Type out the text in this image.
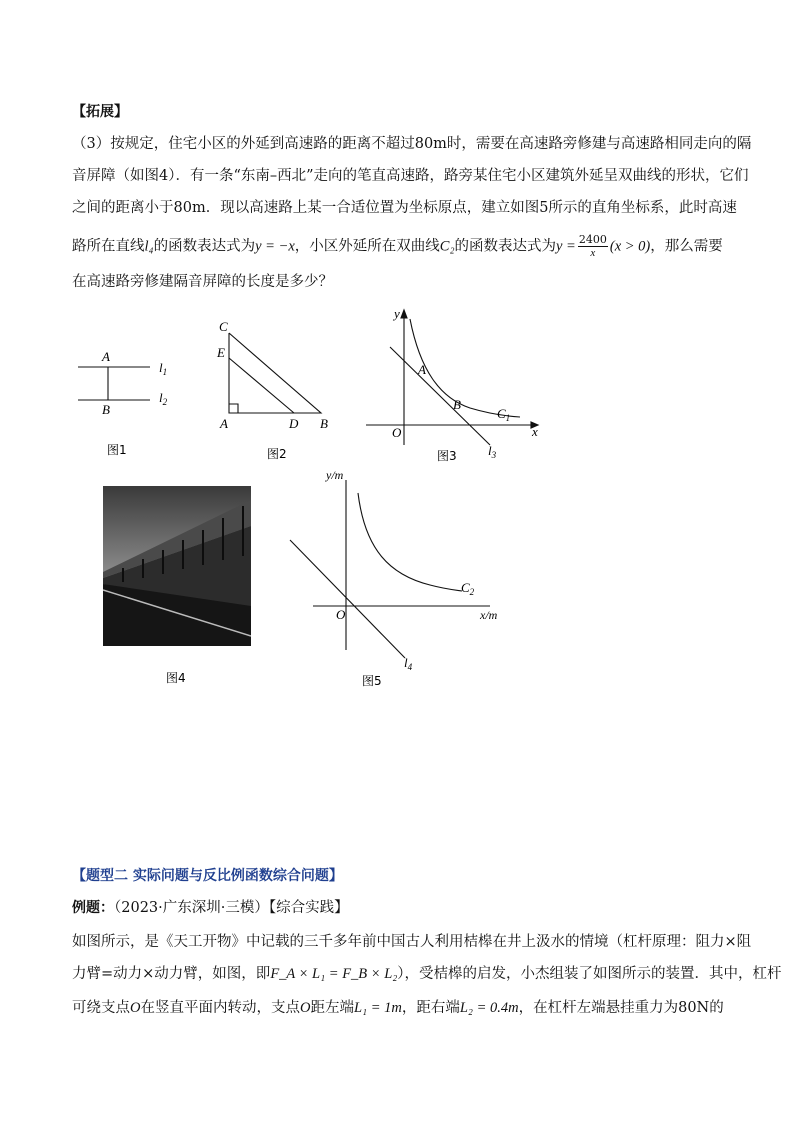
【拓展】
（3）按规定，住宅小区的外延到高速路的距离不超过80m时，需要在高速路旁修建与高速路相同走向的隔
音屏障（如图4）．有一条“东南–西北”走向的笔直高速路，路旁某住宅小区建筑外延呈双曲线的形状，它们
之间的距离小于80m．现以高速路上某一合适位置为坐标原点，建立如图5所示的直角坐标系，此时高速
路所在直线l₄的函数表达式为y = −x，小区外延所在双曲线C₂的函数表达式为$y = \frac{2400}{x} (x > 0)$，那么需要
在高速路旁修建隔音屏障的长度是多少？
A
B
$l_1$
$l_2$
图1
C
E
A	D B
图2
y
x
O
A
B
$C_1$
$l_3$
图3
y/m
x/m
O
$C_2$
$l_4$
图5
图4
【题型二 实际问题与反比例函数综合问题】
例题：（2023·广东深圳·三模）【综合实践】
如图所示，是《天工开物》中记载的三千多年前中国古人利用桔槔在井上汲水的情境（杠杆原理：阻力×阻
力臂=动力×动力臂，如图，即F_A × L₁ = F_B × L₂），受桔槔的启发，小杰组装了如图所示的装置．其中，杠杆
可绕支点O在竖直平面内转动，支点O距左端L₁ = 1m，距右端L₂ = 0.4m，在杠杆左端悬挂重力为80N的
